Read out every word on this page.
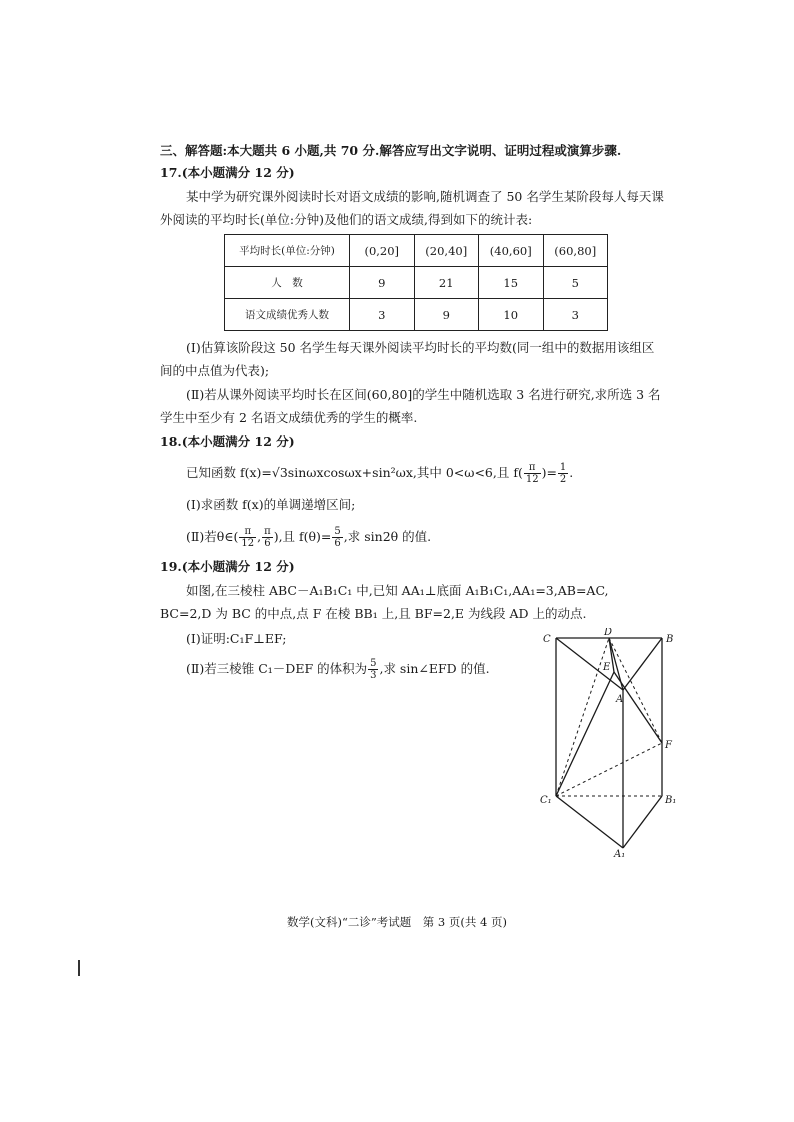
三、解答题:本大题共 6 小题,共 70 分.解答应写出文字说明、证明过程或演算步骤.
17.(本小题满分 12 分)
某中学为研究课外阅读时长对语文成绩的影响,随机调查了 50 名学生某阶段每人每天课
外阅读的平均时长(单位:分钟)及他们的语文成绩,得到如下的统计表:
平均时长(单位:分钟)	(0,20]	(20,40]	(40,60]	(60,80]
人　数	9	21	15	5
语文成绩优秀人数	3	9	10	3
(Ⅰ)估算该阶段这 50 名学生每天课外阅读平均时长的平均数(同一组中的数据用该组区
间的中点值为代表);
(Ⅱ)若从课外阅读平均时长在区间(60,80]的学生中随机选取 3 名进行研究,求所选 3 名
学生中至少有 2 名语文成绩优秀的学生的概率.
18.(本小题满分 12 分)
已知函数 f(x)=√3sinωxcosωx+sin²ωx,其中 0<ω<6,且 $f( \frac{\pi}{12}$ )= $\frac{1}{2}$ .
(Ⅰ)求函数 f(x)的单调递增区间;
(Ⅱ)若θ∈( $\frac{\pi}{12}$ , $\frac{\pi}{6}$ ),且 $f(\theta)= \frac{5}{6}$ ,求 sin2θ 的值.
19.(本小题满分 12 分)
如图,在三棱柱 ABC－A₁B₁C₁ 中,已知 AA₁⊥底面 A₁B₁C₁,AA₁=3,AB=AC,
BC=2,D 为 BC 的中点,点 F 在棱 BB₁ 上,且 BF=2,E 为线段 AD 上的动点.
(Ⅰ)证明:C₁F⊥EF;
(Ⅱ)若三棱锥 C₁－DEF 的体积为 $\frac{5}{3}$ ,求 sin∠EFD 的值.
C
D
B
E
A
F
C₁	B₁
A₁
数学(文科)“二诊”考试题　第 3 页(共 4 页)
